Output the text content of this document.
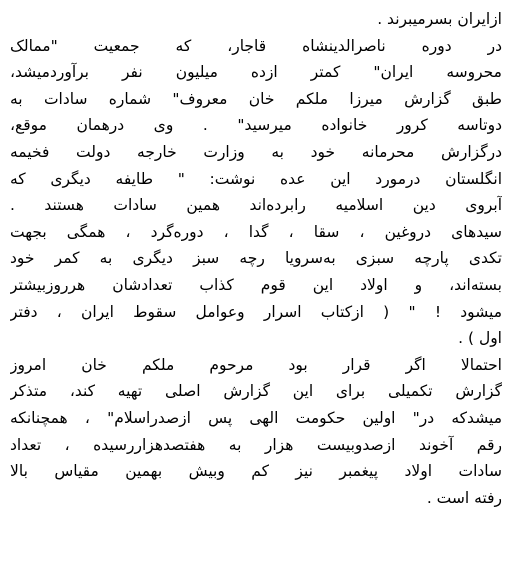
ازایران بسرمیبرند .
در دوره ناصرالدینشاه قاجار، که جمعیت "ممالک
محروسه ایران" کمتر ازده میلیون نفر برآوردمیشد،
طبق گزارش میرزا ملکم خان معروف" شماره سادات به
دوتاسه کرور خانواده میرسید" . وی درهمان موقع،
درگزارش محرمانه خود به وزارت خارجه دولت فخیمه
انگلستان درمورد این عده نوشت: " طایفه دیگری که
آبروی دین اسلامیه رابرده‌اند همین سادات هستند .
سیدهای دروغین ، سقا ، گدا ، دوره‌گرد ، همگی بجهت
تکدی پارچه سبزی به‌سرویا رچه سبز دیگری به کمر خود
بسته‌اند، و اولاد این قوم کذاب تعدادشان هرروزبیشتر
میشود ! " ( ازکتاب اسرار وعوامل سقوط ایران ، دفتر
اول ) .
احتمالا اگر قرار بود مرحوم ملکم خان امروز
گزارش تکمیلی برای این گزارش اصلی تهیه کند، متذکر
میشدکه در" اولین حکومت الهی پس ازصدراسلام" ، همچنانکه
رقم آخوند ازصدوبیست هزار به هفتصدهزاررسیده ، تعداد
سادات اولاد پیغمبر نیز کم وبیش بهمین مقیاس بالا
رفته است .
